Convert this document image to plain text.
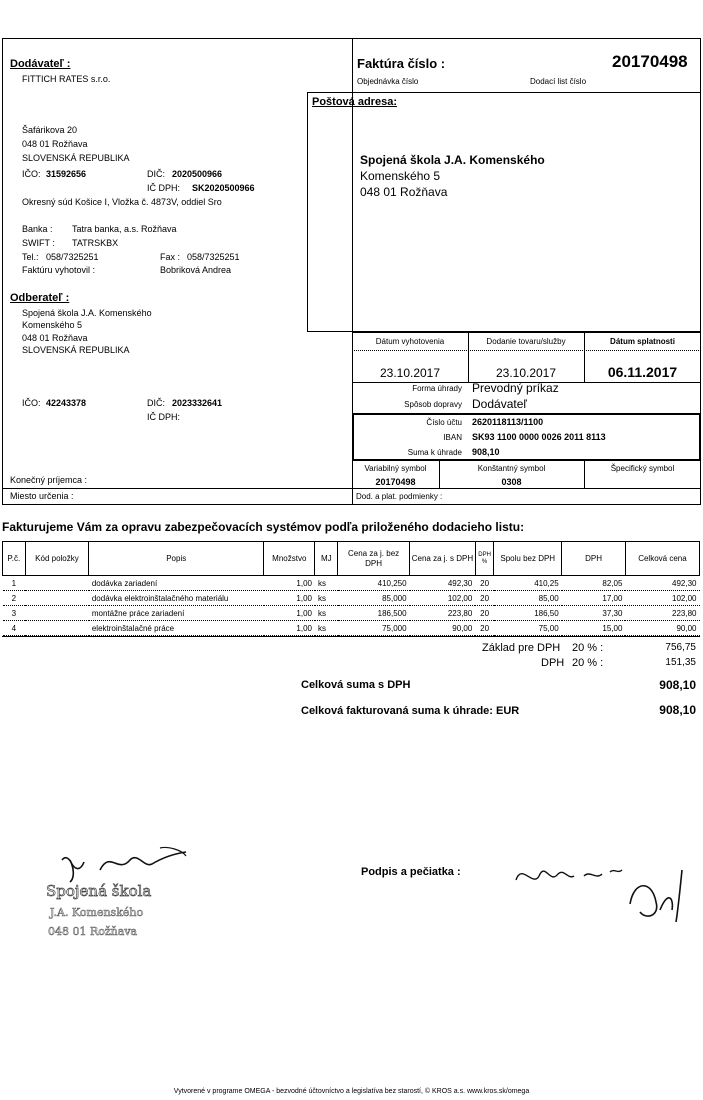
Dodávateľ :
FITTICH RATES s.r.o.
Šafárikova 20
048 01 Rožňava
SLOVENSKÁ REPUBLIKA
IČO: 31592656	DIČ: 2020500966
IČ DPH: SK2020500966
Okresný súd Košice I, Vložka č. 4873V, oddiel Sro
Banka : Tatra banka, a.s. Rožňava
SWIFT : TATRSKBX
Tel.: 058/7325251	Fax : 058/7325251
Faktúru vyhotovil :	Bobriková Andrea
Faktúra číslo :	20170498
Objednávka číslo	Dodací list číslo
Poštová adresa:
Spojená škola J.A. Komenského
Komenského 5
048 01 Rožňava
Odberateľ :
Spojená škola J.A. Komenského
Komenského 5
048 01 Rožňava
SLOVENSKÁ REPUBLIKA
IČO: 42243378	DIČ: 2023332641
IČ DPH:
Konečný príjemca :
Miesto určenia :
Dátum vyhotovenia	Dodanie tovaru/služby	Dátum splatnosti
23.10.2017	23.10.2017	06.11.2017
Forma úhrady Prevodný príkaz
Spôsob dopravy Dodávateľ
Číslo účtu 2620118113/1100
IBAN SK93 1100 0000 0026 2011 8113
Suma k úhrade 908,10
Variabilný symbol	Konštantný symbol	Špecifický symbol
20170498	0308
Dod. a plat. podmienky :
Fakturujeme Vám za opravu zabezpečovacích systémov podľa priloženého dodacieho listu:
P.č.	Kód položky	Popis	Množstvo	MJ	Cena za j. bez DPH	Cena za j. s DPH	DPH %	Spolu bez DPH	DPH	Celková cena
1		dodávka zariadení	1,00	ks	410,250	492,30	20	410,25	82,05	492,30
2		dodávka elektroinštalačného materiálu	1,00	ks	85,000	102,00	20	85,00	17,00	102,00
3		montážne práce zariadení	1,00	ks	186,500	223,80	20	186,50	37,30	223,80
4		elektroinštalačné práce	1,00	ks	75,000	90,00	20	75,00	15,00	90,00
Základ pre DPH 20 % :	756,75
DPH 20 % :	151,35
Celková suma s DPH	908,10
Celková fakturovaná suma k úhrade: EUR	908,10
Podpis a pečiatka :
Spojená škola
J.A. Komenského
048 01 Rožňava
Vytvorené v programe OMEGA - bezvodné účtovníctvo a legislatíva bez starostí, © KROS a.s. www.kros.sk/omega
